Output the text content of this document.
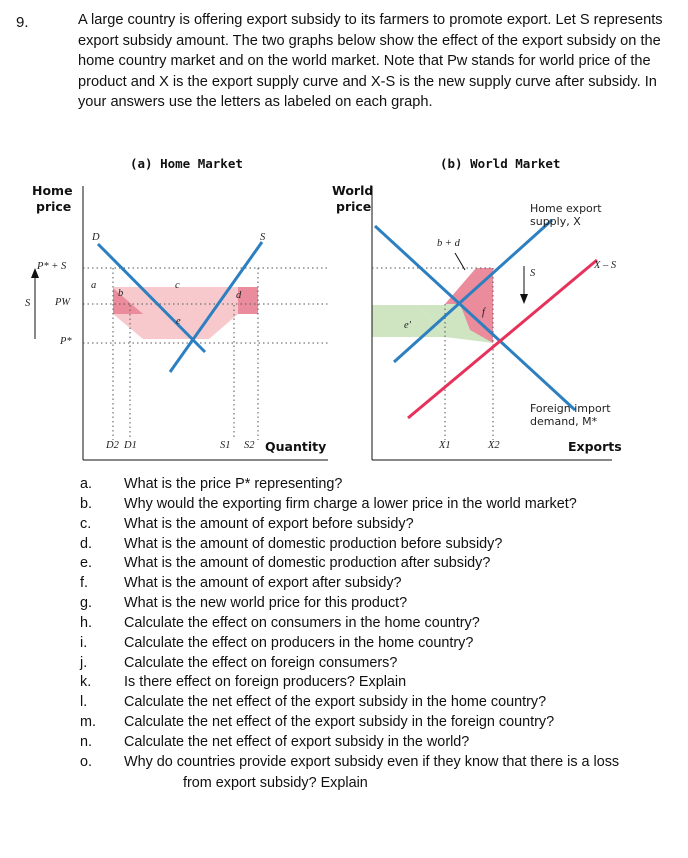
9.	A large country is offering export subsidy to its farmers to promote export. Let S represents export subsidy amount. The two graphs below show the effect of the export subsidy on the home country market and on the world market. Note that Pw stands for world price of the product and X is the export supply curve and X-S is the new supply curve after subsidy. In your answers use the letters as labeled on each graph.
(a) Home Market	(b) World Market
Home
price
World
price
P* + S
PW
P*
S
D	S
a
b
c
d
e
D2 D1	S1 S2 Quantity
Home export supply, X
b + d
X – S
S
e'
f
Foreign import demand, M*
X1	X2	Exports
a.	What is the price P* representing?
b.	Why would the exporting firm charge a lower price in the world market?
c.	What is the amount of export before subsidy?
d.	What is the amount of domestic production before subsidy?
e.	What is the amount of domestic production after subsidy?
f.	What is the amount of export after subsidy?
g.	What is the new world price for this product?
h.	Calculate the effect on consumers in the home country?
i.	Calculate the effect on producers in the home country?
j.	Calculate the effect on foreign consumers?
k.	Is there effect on foreign producers? Explain
l.	Calculate the net effect of the export subsidy in the home country?
m.	Calculate the net effect of the export subsidy in the foreign country?
n.	Calculate the net effect of export subsidy in the world?
o.	Why do countries provide export subsidy even if they know that there is a loss
from export subsidy? Explain
